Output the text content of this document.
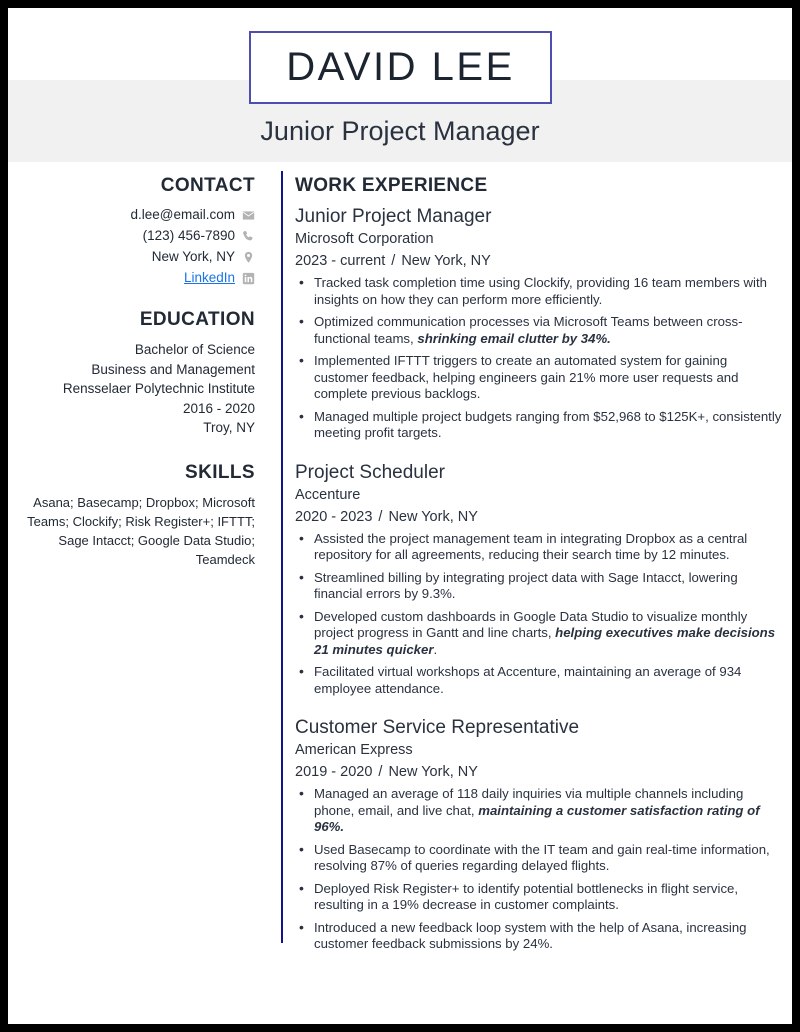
DAVID LEE
Junior Project Manager
CONTACT
d.lee@email.com
(123) 456-7890
New York, NY
LinkedIn
EDUCATION
Bachelor of Science
Business and Management
Rensselaer Polytechnic Institute
2016 - 2020
Troy, NY
SKILLS
Asana; Basecamp; Dropbox; Microsoft Teams; Clockify; Risk Register+; IFTTT; Sage Intacct; Google Data Studio; Teamdeck
WORK EXPERIENCE
Junior Project Manager
Microsoft Corporation
2023 - current / New York, NY
• Tracked task completion time using Clockify, providing 16 team members with insights on how they can perform more efficiently.
• Optimized communication processes via Microsoft Teams between cross-functional teams, shrinking email clutter by 34%.
• Implemented IFTTT triggers to create an automated system for gaining customer feedback, helping engineers gain 21% more user requests and complete previous backlogs.
• Managed multiple project budgets ranging from $52,968 to $125K+, consistently meeting profit targets.
Project Scheduler
Accenture
2020 - 2023 / New York, NY
• Assisted the project management team in integrating Dropbox as a central repository for all agreements, reducing their search time by 12 minutes.
• Streamlined billing by integrating project data with Sage Intacct, lowering financial errors by 9.3%.
• Developed custom dashboards in Google Data Studio to visualize monthly project progress in Gantt and line charts, helping executives make decisions 21 minutes quicker.
• Facilitated virtual workshops at Accenture, maintaining an average of 934 employee attendance.
Customer Service Representative
American Express
2019 - 2020 / New York, NY
• Managed an average of 118 daily inquiries via multiple channels including phone, email, and live chat, maintaining a customer satisfaction rating of 96%.
• Used Basecamp to coordinate with the IT team and gain real-time information, resolving 87% of queries regarding delayed flights.
• Deployed Risk Register+ to identify potential bottlenecks in flight service, resulting in a 19% decrease in customer complaints.
• Introduced a new feedback loop system with the help of Asana, increasing customer feedback submissions by 24%.
